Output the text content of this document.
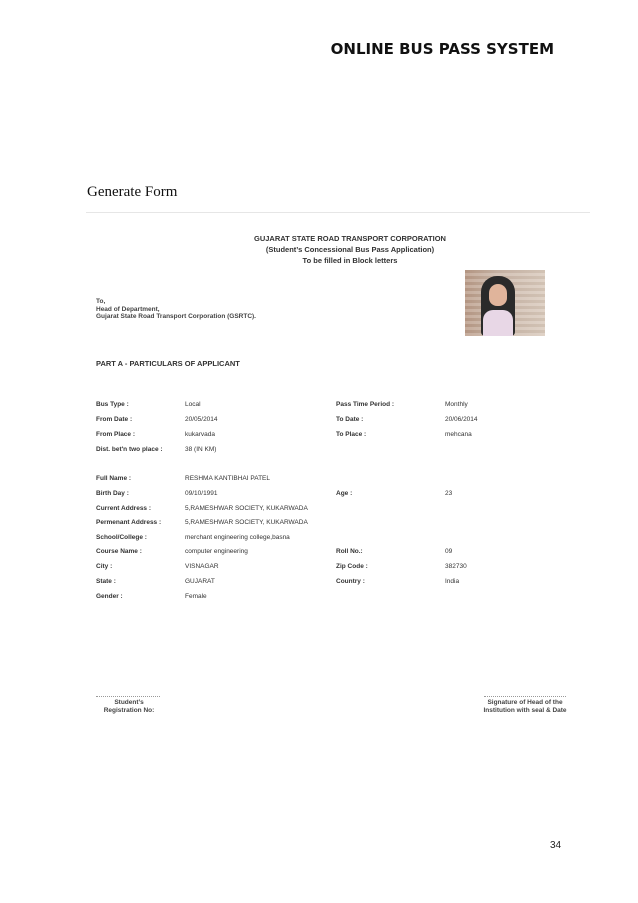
ONLINE BUS PASS SYSTEM
Generate Form
GUJARAT STATE ROAD TRANSPORT CORPORATION
(Student’s Concessional Bus Pass Application)
To be filled in Block letters
To,
Head of Department,
Gujarat State Road Transport Corporation (GSRTC).
PART A - PARTICULARS OF APPLICANT
Bus Type :	Local	Pass Time Period :	Monthly
From Date :	20/05/2014	To Date :	20/06/2014
From Place :	kukarvada	To Place :	mehcana
Dist. bet'n two place :	38 (IN KM)
Full Name :	RESHMA KANTIBHAI PATEL
Birth Day :	09/10/1991	Age :	23
Current Address :	5,RAMESHWAR SOCIETY, KUKARWADA
Permenant Address :	5,RAMESHWAR SOCIETY, KUKARWADA
School/College :	merchant engineering college,basna
Course Name :	computer engineering	Roll No.:	09
City :	VISNAGAR	Zip Code :	382730
State :	GUJARAT	Country :	India
Gender :	Female
Student’s
Registration No:
Signature of Head of the
Institution with seal & Date
34
